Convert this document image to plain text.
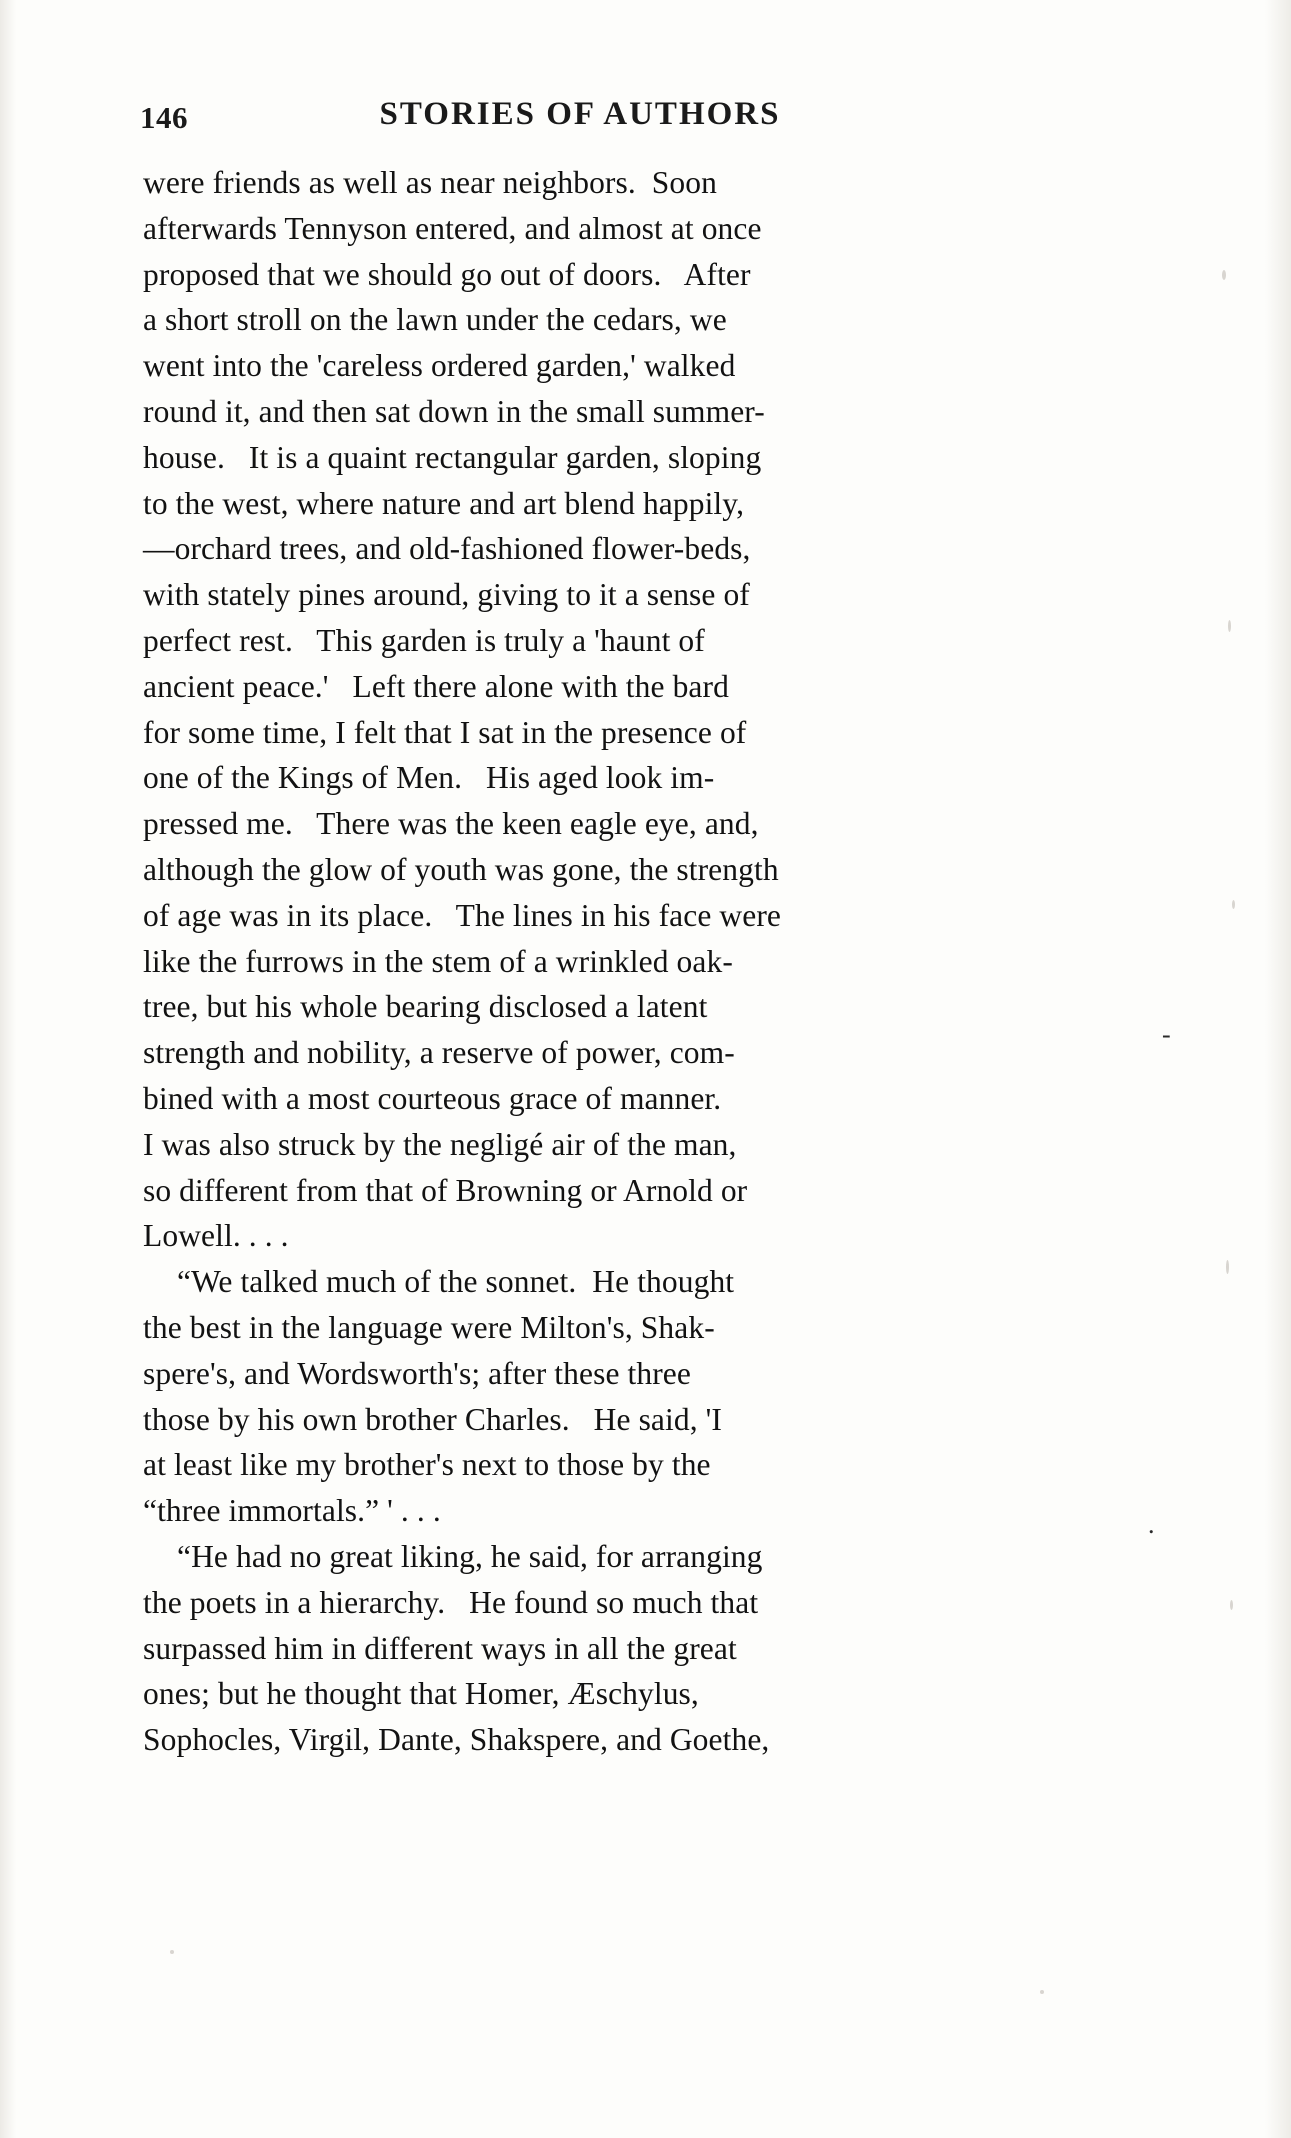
146	STORIES OF AUTHORS
were friends as well as near neighbors.  Soon
afterwards Tennyson entered, and almost at once
proposed that we should go out of doors.   After
a short stroll on the lawn under the cedars, we
went into the 'careless ordered garden,' walked
round it, and then sat down in the small summer-
house.   It is a quaint rectangular garden, sloping
to the west, where nature and art blend happily,
—orchard trees, and old-fashioned flower-beds,
with stately pines around, giving to it a sense of
perfect rest.   This garden is truly a 'haunt of
ancient peace.'   Left there alone with the bard
for some time, I felt that I sat in the presence of
one of the Kings of Men.   His aged look im-
pressed me.   There was the keen eagle eye, and,
although the glow of youth was gone, the strength
of age was in its place.   The lines in his face were
like the furrows in the stem of a wrinkled oak-
tree, but his whole bearing disclosed a latent
strength and nobility, a reserve of power, com-
bined with a most courteous grace of manner.
I was also struck by the negligé air of the man,
so different from that of Browning or Arnold or
Lowell. . . .
“We talked much of the sonnet.  He thought
the best in the language were Milton's, Shak-
spere's, and Wordsworth's; after these three
those by his own brother Charles.   He said, 'I
at least like my brother's next to those by the
“three immortals.” ' . . .
“He had no great liking, he said, for arranging
the poets in a hierarchy.   He found so much that
surpassed him in different ways in all the great
ones; but he thought that Homer, Æschylus,
Sophocles, Virgil, Dante, Shakspere, and Goethe,
-
.
